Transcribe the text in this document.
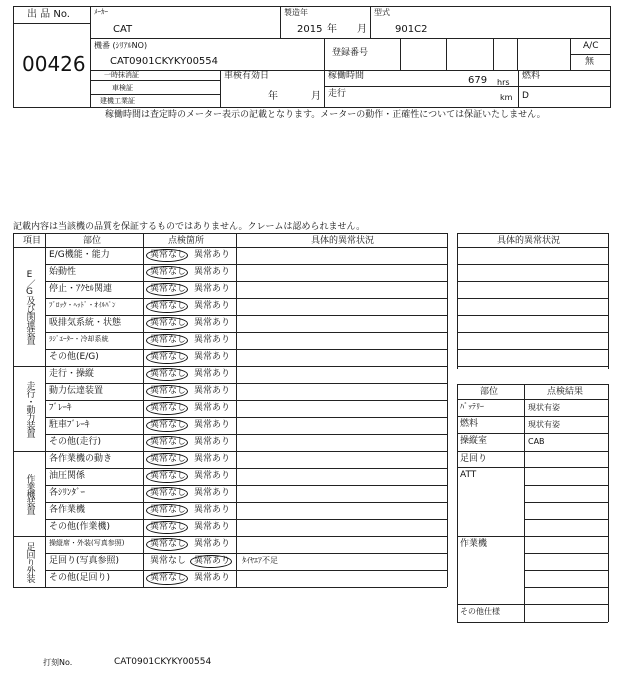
出 品 No.
00426
ﾒｰｶｰ
CAT
製造年
2015 年 月
型式
901C2
機番 (ｼﾘｱﾙNO)
CAT0901CKYKY00554
登録番号
A/C
無
一時抹消証
車検証
建機工業証
車検有効日
年	月
稼働時間	679 hrs
走行	km
燃料
D
稼働時間は査定時のメーター表示の記載となります。メーターの動作・正確性については保証いたしません。
記載内容は当該機の品質を保証するものではありません。クレームは認められません。
項目	部位	点検箇所	具体的異常状況
E／G及び関連装置
E/G機能・能力	異常なし 異常あり
始動性	異常なし 異常あり
停止・ｱｸｾﾙ関連	異常なし 異常あり
ﾌﾞﾛｯｸ・ﾍｯﾄﾞ・ｵｲﾙﾊﾟﾝ	異常なし 異常あり
吸排気系統・状態	異常なし 異常あり
ﾗｼﾞｴｰﾀｰ・冷却系統	異常なし 異常あり
その他(E/G)	異常なし 異常あり
走行・動力装置
走行・操縦	異常なし 異常あり
動力伝達装置	異常なし 異常あり
ﾌﾞﾚｰｷ	異常なし 異常あり
駐車ﾌﾞﾚｰｷ	異常なし 異常あり
その他(走行)	異常なし 異常あり
作業機装置
各作業機の動き	異常なし 異常あり
油圧関係	異常なし 異常あり
各ｼﾘﾝﾀﾞｰ	異常なし 異常あり
各作業機	異常なし 異常あり
その他(作業機)	異常なし 異常あり
足回り外装	操縦席・外装(写真参照)	異常なし 異常あり
足回り(写真参照)	異常なし 異常あり ﾀｲﾔｴｱ不足
その他(足回り)	異常なし 異常あり
具体的異常状況
部位	点検結果
ﾊﾞｯﾃﾘｰ	現状有姿
燃料	現状有姿
操縦室	CAB
足回り
ATT
作業機
その他仕様
打刻No.	CAT0901CKYKY00554
